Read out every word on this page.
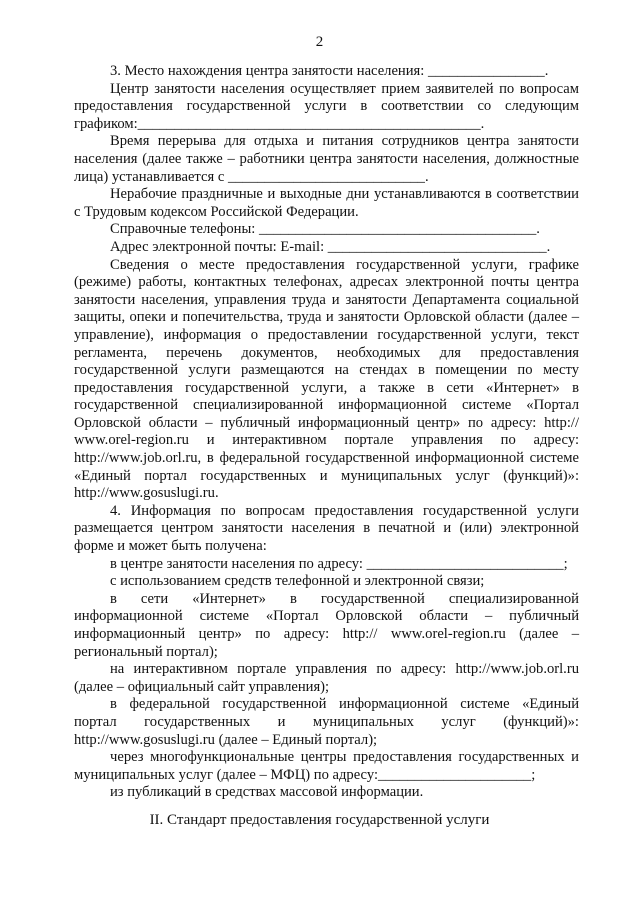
2

3. Место нахождения центра занятости населения: ________________.

Центр занятости населения осуществляет прием заявителей по вопросам предоставления государственной услуги в соответствии со следующим графиком:_______________________________________________.

Время перерыва для отдыха и питания сотрудников центра занятости населения (далее также – работники центра занятости населения, должностные лица) устанавливается с ___________________________.

Нерабочие праздничные и выходные дни устанавливаются в соответствии с Трудовым кодексом Российской Федерации.

Справочные телефоны: ______________________________________.

Адрес электронной почты: E-mail: ______________________________.

Сведения о месте предоставления государственной услуги, графике (режиме) работы, контактных телефонах, адресах электронной почты центра занятости населения, управления труда и занятости Департамента социальной защиты, опеки и попечительства, труда и занятости Орловской области (далее – управление), информация о предоставлении государственной услуги, текст регламента, перечень документов, необходимых для предоставления государственной услуги размещаются на стендах в помещении по месту предоставления государственной услуги, а также в сети «Интернет» в государственной специализированной информационной системе «Портал Орловской области – публичный информационный центр» по адресу: http:// www.orel-region.ru и интерактивном портале управления по адресу: http://www.job.orl.ru, в федеральной государственной информационной системе «Единый портал государственных и муниципальных услуг (функций)»: http://www.gosuslugi.ru.

4. Информация по вопросам предоставления государственной услуги размещается центром занятости населения в печатной и (или) электронной форме и может быть получена:

в центре занятости населения по адресу: ___________________________;

с использованием средств телефонной и электронной связи;

в сети «Интернет» в государственной специализированной информационной системе «Портал Орловской области – публичный информационный центр» по адресу: http:// www.orel-region.ru (далее – региональный портал);

на интерактивном портале управления по адресу: http://www.job.orl.ru (далее – официальный сайт управления);

в федеральной государственной информационной системе «Единый портал государственных и муниципальных услуг (функций)»: http://www.gosuslugi.ru (далее – Единый портал);

через многофункциональные центры предоставления государственных и муниципальных услуг (далее – МФЦ) по адресу:_____________________;

из публикаций в средствах массовой информации.

II. Стандарт предоставления государственной услуги
